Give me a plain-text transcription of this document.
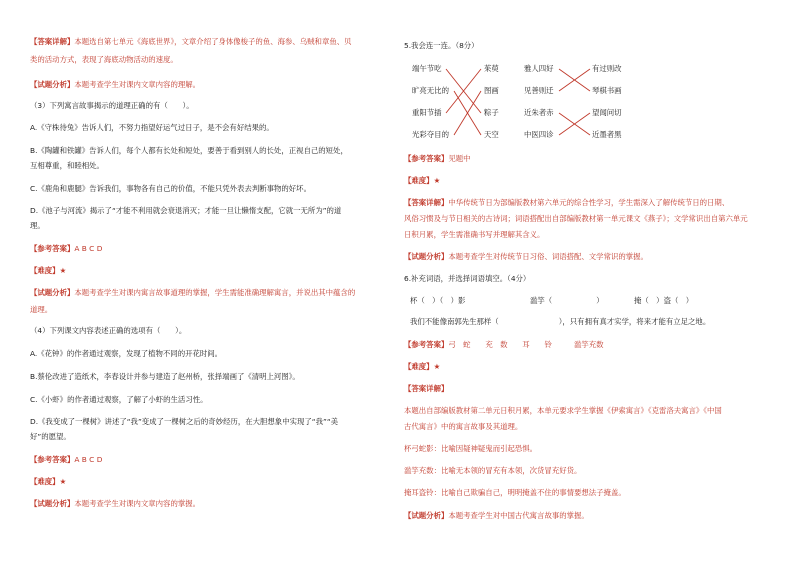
【答案详解】本题选自第七单元《海底世界》，文章介绍了身体像梭子的鱼、海参、乌贼和章鱼、贝
类的活动方式，表现了海底动物活动的速度。
【试题分析】本题考查学生对课内文章内容的理解。
（3）下列寓言故事揭示的道理正确的有（　　）。
A.《守株待兔》告诉人们，不努力指望好运气过日子，是不会有好结果的。
B.《陶罐和铁罐》告诉人们，每个人都有长处和短处，要善于看到别人的长处，正视自己的短处，
互相尊重，和睦相处。
C.《鹿角和鹿腿》告诉我们，事物各有自己的价值，不能只凭外表去判断事物的好坏。
D.《池子与河流》揭示了“才能不利用就会衰退消灭；才能一旦让懒惰支配，它就一无所为”的道
理。
【参考答案】A B C D
【难度】★
【试题分析】本题考查学生对课内寓言故事道理的掌握，学生需能准确理解寓言，并说出其中蕴含的
道理。
（4）下列课文内容表述正确的选项有（　　）。
A.《花钟》的作者通过观察，发现了植物不同的开花时间。
B.蔡伦改进了造纸术，李春设计并参与建造了赵州桥，张择端画了《清明上河图》。
C.《小虾》的作者通过观察，了解了小虾的生活习性。
D.《我变成了一棵树》讲述了“我”变成了一棵树之后的奇妙经历，在大胆想象中实现了“我”“美
好”的愿望。
【参考答案】A B C D
【难度】★
【试题分析】本题考查学生对课内文章内容的掌握。
5.我会连一连。（8分）
端午节吃
旷亮无比的
重阳节插
光彩夺目的
茱萸
图画
粽子
天空
雅人四好
见善则迁
近朱者赤
中医四诊
有过则改
琴棋书画
望闻问切
近墨者黑
【参考答案】见题中
【难度】★
【答案详解】中华传统节日为部编版教材第六单元的综合性学习，学生需深入了解传统节日的日期、
风俗习惯及与节日相关的古诗词；词语搭配出自部编版教材第一单元课文《燕子》；文学常识出自第六单元
日积月累，学生需准确书写并理解其含义。
【试题分析】本题考查学生对传统节日习俗、词语搭配、文学常识的掌握。
6.补充词语，并选择词语填空。（4分）
杯（　）（　）影	滥竽（	）	掩（　）盗（　）
我们不能像南郭先生那样（	），只有拥有真才实学，将来才能有立足之地。
【参考答案】弓　蛇　　充　数　　耳　　铃　　　滥竽充数
【难度】★
【答案详解】
本题出自部编版教材第二单元日积月累，本单元要求学生掌握《伊索寓言》《克雷洛夫寓言》《中国
古代寓言》中的寓言故事及其道理。
杯弓蛇影：比喻因疑神疑鬼而引起恐惧。
滥竽充数：比喻无本领的冒充有本领，次货冒充好货。
掩耳盗铃：比喻自己欺骗自己，明明掩盖不住的事情要想法子掩盖。
【试题分析】本题考查学生对中国古代寓言故事的掌握。
